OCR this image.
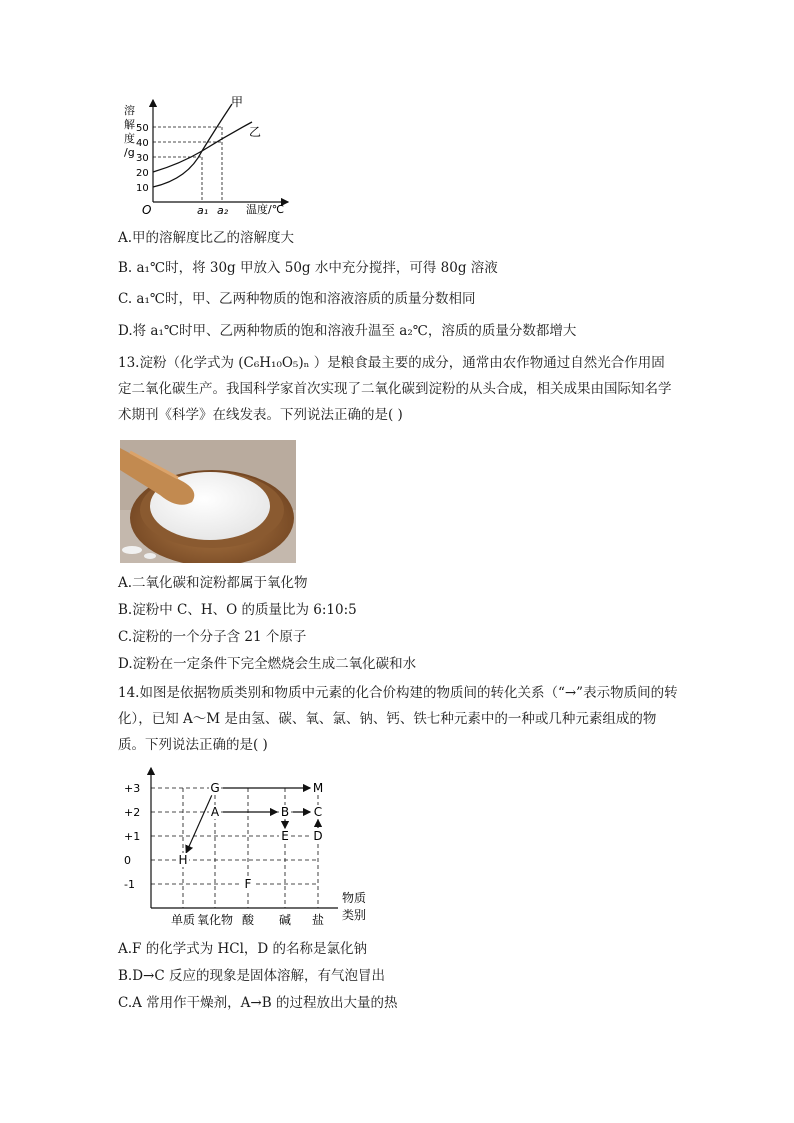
50
40
30
20
10
溶
解
度
/g
O	a₁ a₂ 温度/℃
甲
乙
A.甲的溶解度比乙的溶解度大
B. a₁℃时，将 30g 甲放入 50g 水中充分搅拌，可得 80g 溶液
C. a₁℃时，甲、乙两种物质的饱和溶液溶质的质量分数相同
D.将 a₁℃时甲、乙两种物质的饱和溶液升温至 a₂℃，溶质的质量分数都增大
13.淀粉（化学式为 (C₆H₁₀O₅)ₙ ）是粮食最主要的成分，通常由农作物通过自然光合作用固定二氧化碳生产。我国科学家首次实现了二氧化碳到淀粉的从头合成，相关成果由国际知名学术期刊《科学》在线发表。下列说法正确的是( )
A.二氧化碳和淀粉都属于氧化物
B.淀粉中 C、H、O 的质量比为 6:10:5
C.淀粉的一个分子含 21 个原子
D.淀粉在一定条件下完全燃烧会生成二氧化碳和水
14.如图是依据物质类别和物质中元素的化合价构建的物质间的转化关系（“→”表示物质间的转化），已知 A～M 是由氢、碳、氧、氯、钠、钙、铁七种元素中的一种或几种元素组成的物质。下列说法正确的是( )
+3
+2
+1
0
-1
单质 氧化物 酸 碱 盐
G	M
A	B C
E D
H
F
物质
类别
A.F 的化学式为 HCl，D 的名称是氯化钠
B.D→C 反应的现象是固体溶解，有气泡冒出
C.A 常用作干燥剂，A→B 的过程放出大量的热
